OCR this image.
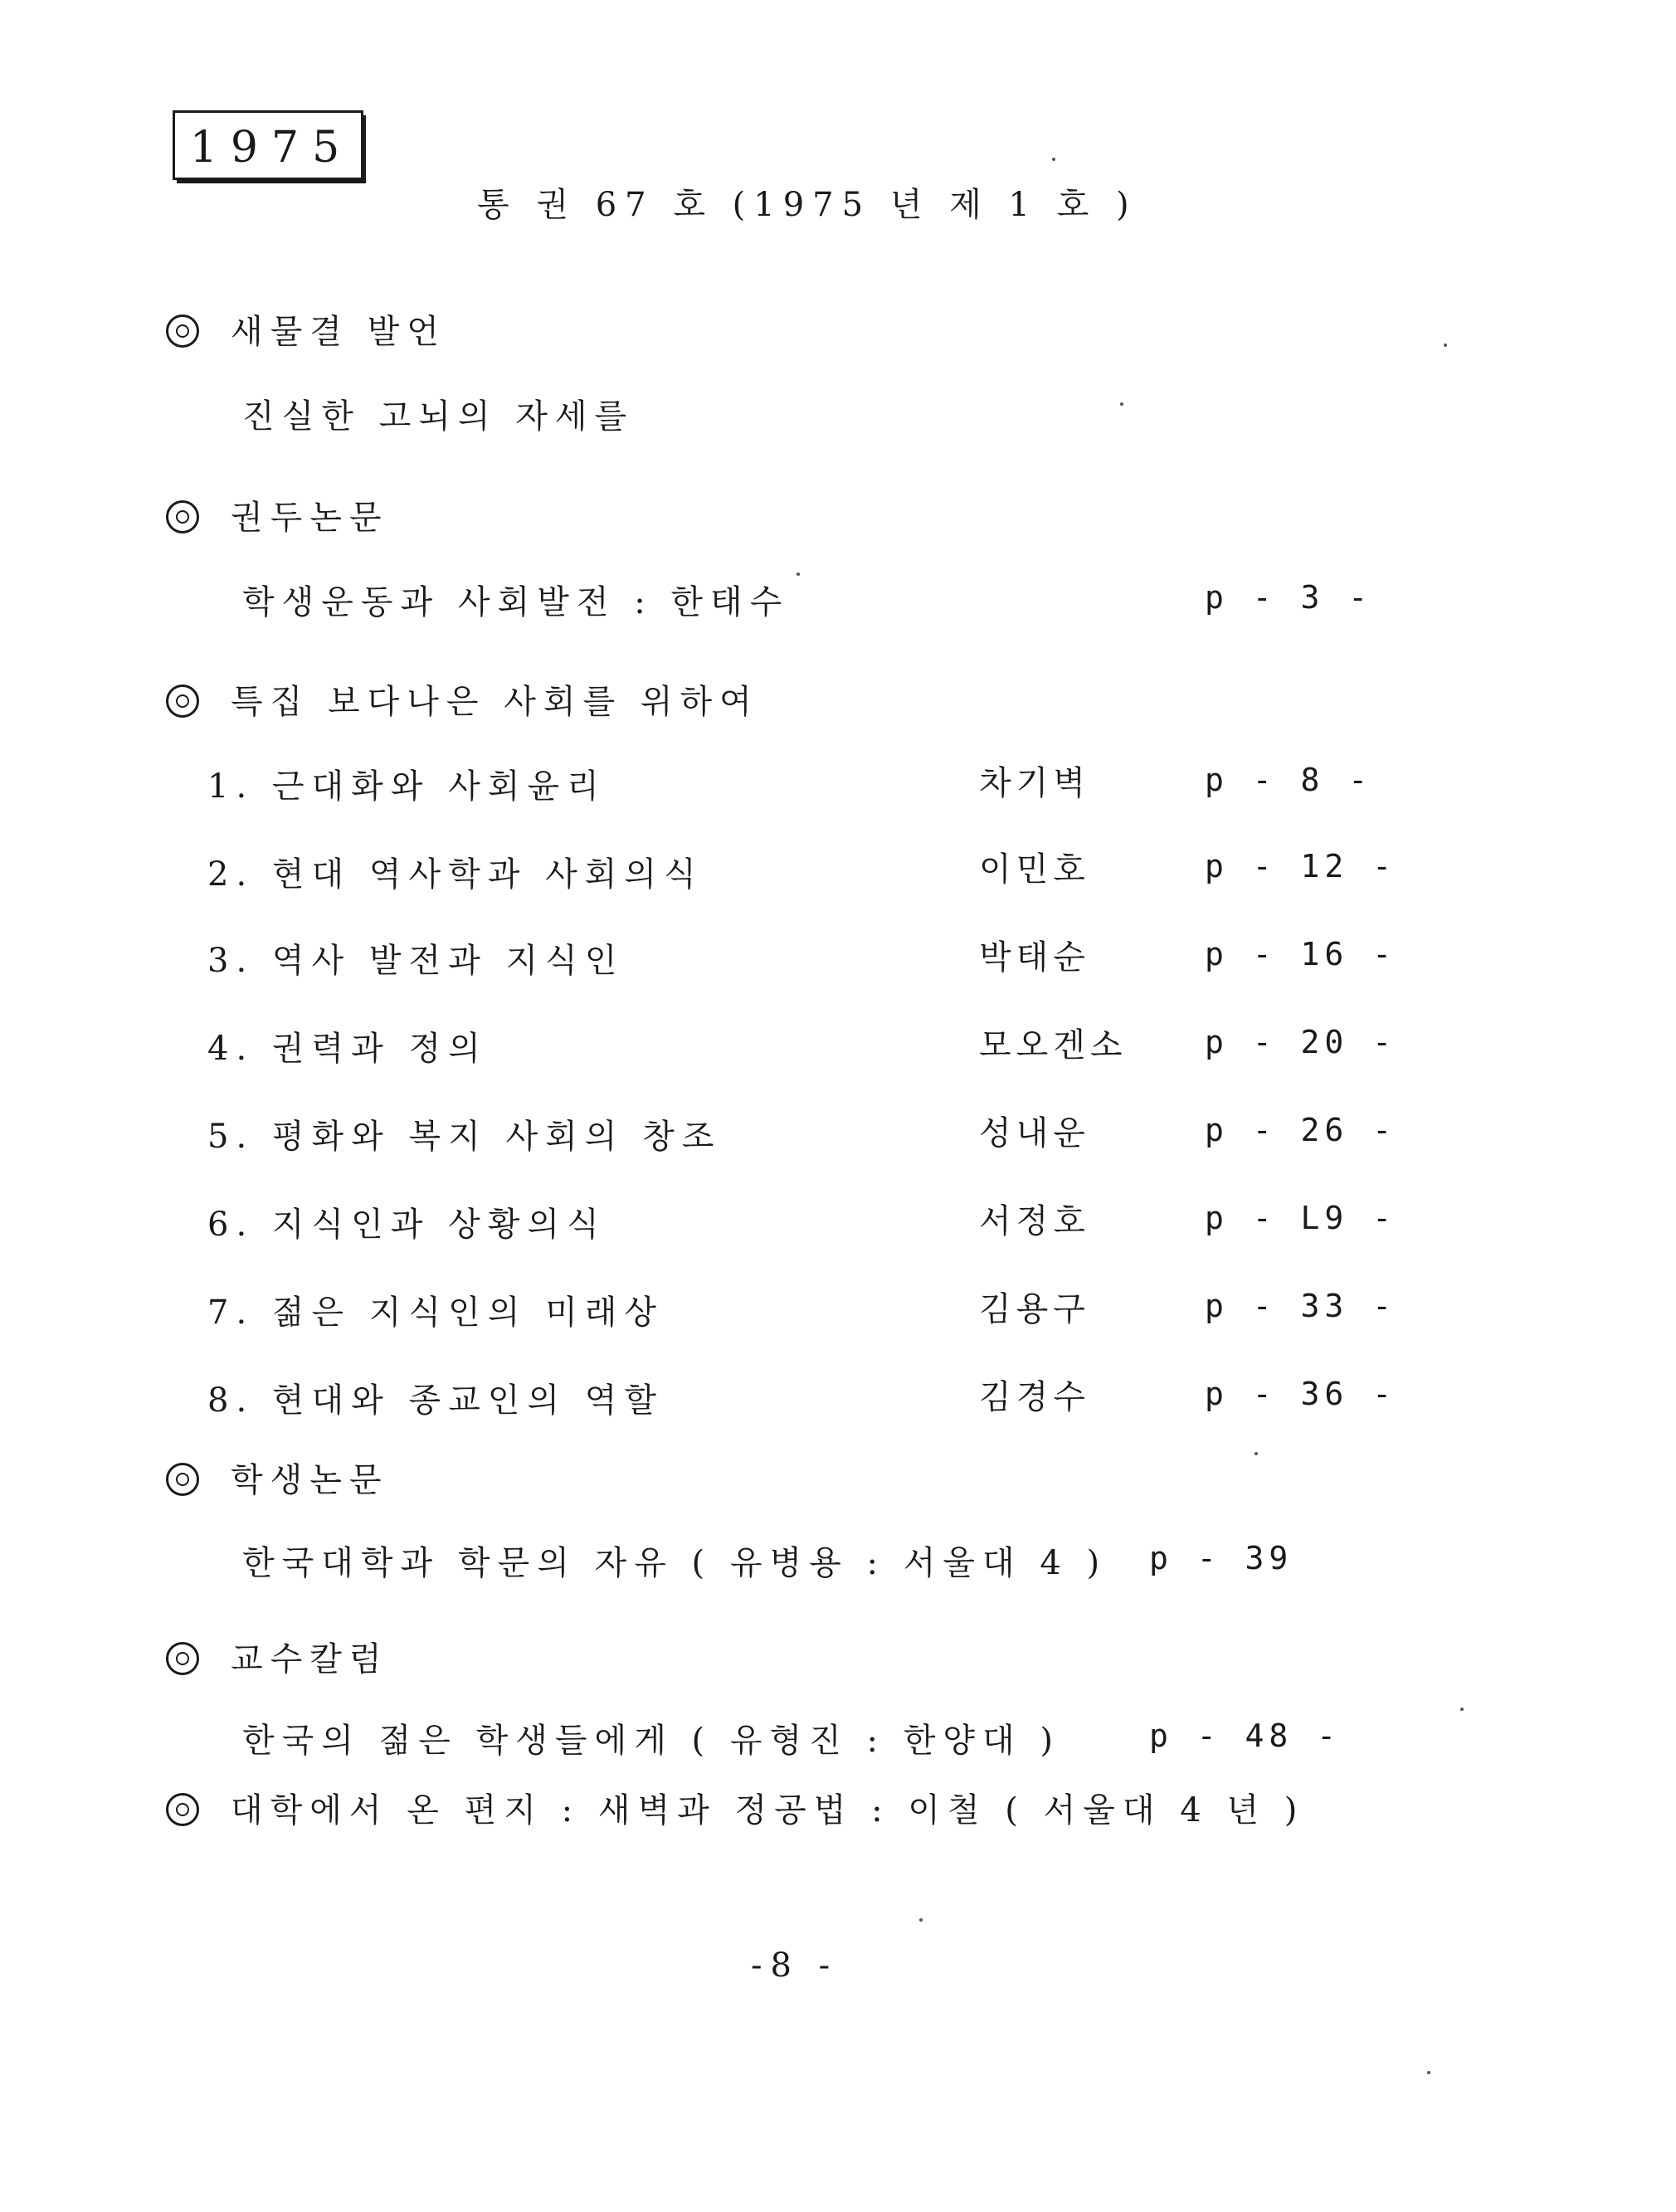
1975
통 권 67 호 (1975 년 제 1 호 )
새물결 발언
진실한 고뇌의 자세를
권두논문
학생운동과 사회발전 : 한태수	p - 3 -
특집 보다나은 사회를 위하여
1. 근대화와 사회윤리	차기벽	p - 8 -
2. 현대 역사학과 사회의식	이민호	p - 12 -
3. 역사 발전과 지식인	박태순	p - 16 -
4. 권력과 정의	모오겐소 p - 20 -
5. 평화와 복지 사회의 창조	성내운	p - 26 -
6. 지식인과 상황의식	서정호	p - L9 -
7. 젊은 지식인의 미래상	김용구	p - 33 -
8. 현대와 종교인의 역할	김경수	p - 36 -
학생논문
한국대학과 학문의 자유 ( 유병용 : 서울대 4 ) p - 39
교수칼럼
한국의 젊은 학생들에게 ( 유형진 : 한양대 )	p - 48 -
대학에서 온 편지 : 새벽과 정공법 : 이철 ( 서울대 4 년 )
-8 -
